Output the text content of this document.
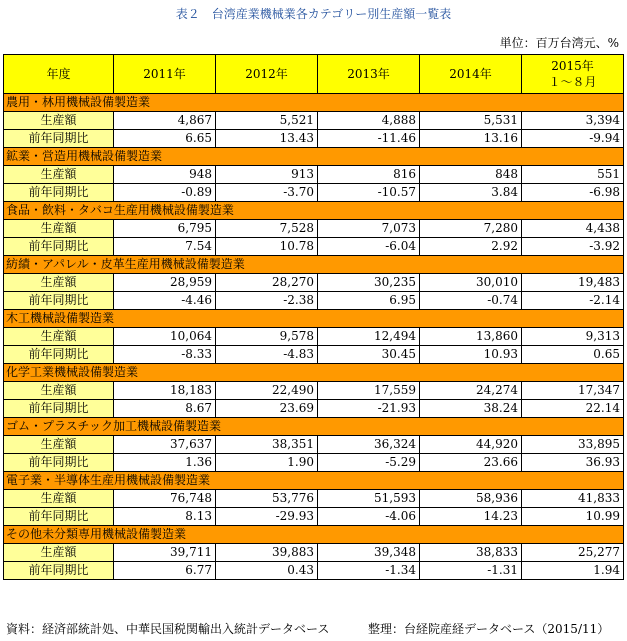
表２　台湾産業機械業各カテゴリー別生産額一覧表
単位：百万台湾元、%
年度	2011年	2012年	2013年	2014年	2015年
１～８月
農用・林用機械設備製造業					
生産額	4,867	5,521	4,888	5,531	3,394
前年同期比	6.65	13.43	-11.46	13.16	-9.94
鉱業・営造用機械設備製造業					
生産額	948	913	816	848	551
前年同期比	-0.89	-3.70	-10.57	3.84	-6.98
食品・飲料・タバコ生産用機械設備製造業					
生産額	6,795	7,528	7,073	7,280	4,438
前年同期比	7.54	10.78	-6.04	2.92	-3.92
紡績・アパレル・皮革生産用機械設備製造業					
生産額	28,959	28,270	30,235	30,010	19,483
前年同期比	-4.46	-2.38	6.95	-0.74	-2.14
木工機械設備製造業					
生産額	10,064	9,578	12,494	13,860	9,313
前年同期比	-8.33	-4.83	30.45	10.93	0.65
化学工業機械設備製造業					
生産額	18,183	22,490	17,559	24,274	17,347
前年同期比	8.67	23.69	-21.93	38.24	22.14
ゴム・プラスチック加工機械設備製造業					
生産額	37,637	38,351	36,324	44,920	33,895
前年同期比	1.36	1.90	-5.29	23.66	36.93
電子業・半導体生産用機械設備製造業					
生産額	76,748	53,776	51,593	58,936	41,833
前年同期比	8.13	-29.93	-4.06	14.23	10.99
その他未分類専用機械設備製造業					
生産額	39,711	39,883	39,348	38,833	25,277
前年同期比	6.77	0.43	-1.34	-1.31	1.94
資料：経済部統計処、中華民国税関輸出入統計データベース	整理：台経院産経データベース（2015/11）
